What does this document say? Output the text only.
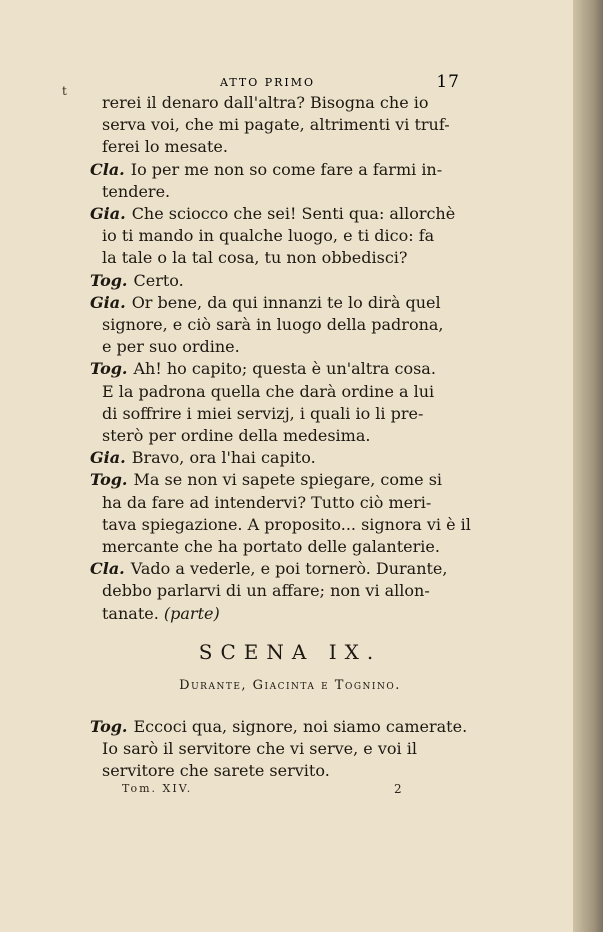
t
ATTO PRIMO	17
rerei il denaro dall'altra? Bisogna che io
serva voi, che mi pagate, altrimenti vi truf-
ferei lo mesate.
Cla. Io per me non so come fare a farmi in-
tendere.
Gia. Che sciocco che sei! Senti qua: allorchè
io ti mando in qualche luogo, e ti dico: fa
la tale o la tal cosa, tu non obbedisci?
Tog. Certo.
Gia. Or bene, da qui innanzi te lo dirà quel
signore, e ciò sarà in luogo della padrona,
e per suo ordine.
Tog. Ah! ho capito; questa è un'altra cosa.
E la padrona quella che darà ordine a lui
di soffrire i miei servizj, i quali io li pre-
sterò per ordine della medesima.
Gia. Bravo, ora l'hai capito.
Tog. Ma se non vi sapete spiegare, come si
ha da fare ad intendervi? Tutto ciò meri-
tava spiegazione. A proposito... signora vi è il
mercante che ha portato delle galanterie.
Cla. Vado a vederle, e poi tornerò. Durante,
debbo parlarvi di un affare; non vi allon-
tanate. (parte)
SCENA IX.
Durante, Giacinta e Tognino.
Tog. Eccoci qua, signore, noi siamo camerate.
Io sarò il servitore che vi serve, e voi il
servitore che sarete servito.
Tom. XIV.	2
